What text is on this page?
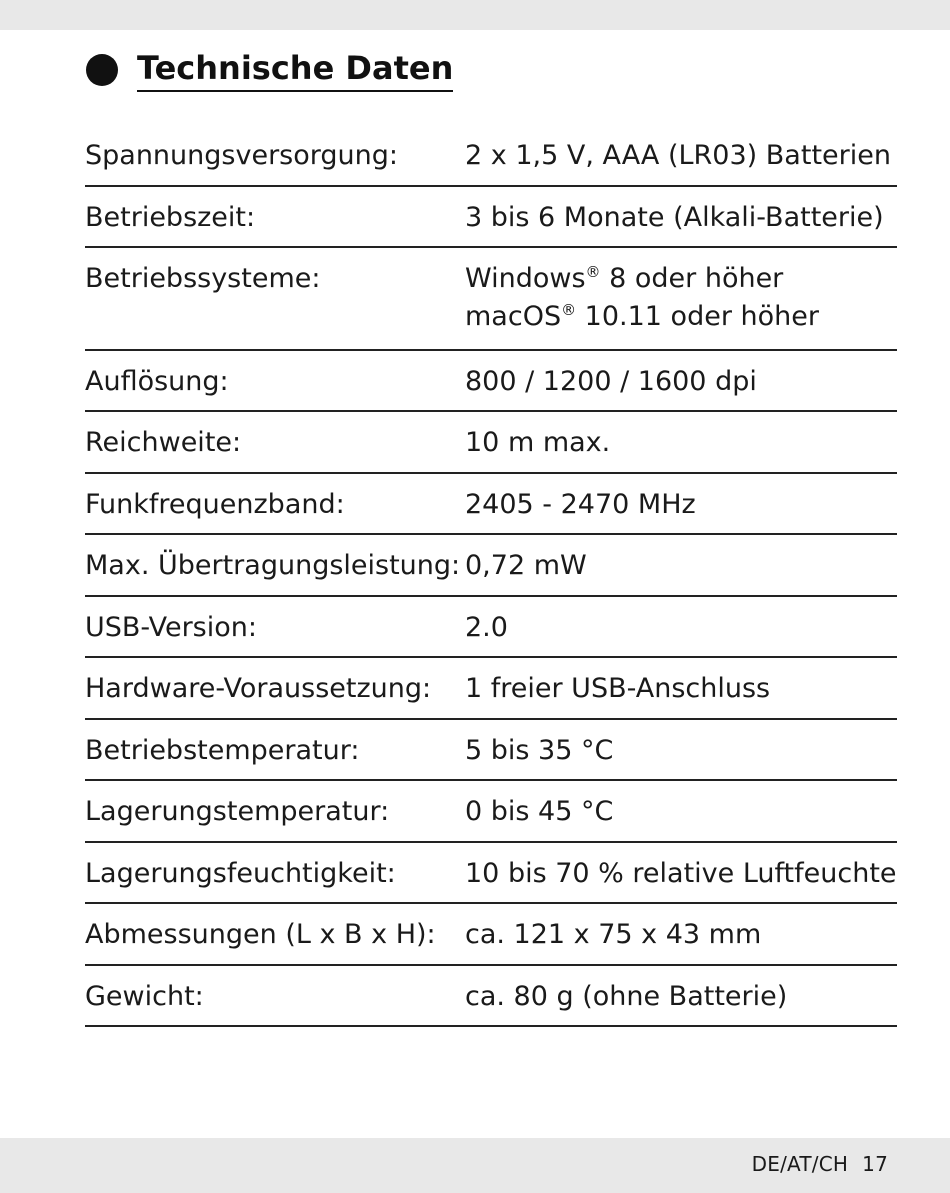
Technische Daten
Spannungsversorgung:	2 x 1,5 V, AAA (LR03) Batterien
Betriebszeit:	3 bis 6 Monate (Alkali-Batterie)
Betriebssysteme:	Windows® 8 oder höher
macOS® 10.11 oder höher
Auflösung:	800 / 1200 / 1600 dpi
Reichweite:	10 m max.
Funkfrequenzband:	2405 - 2470 MHz
Max. Übertragungsleistung: 0,72 mW
USB-Version:	2.0
Hardware-Voraussetzung:	1 freier USB-Anschluss
Betriebstemperatur:	5 bis 35 °C
Lagerungstemperatur:	0 bis 45 °C
Lagerungsfeuchtigkeit:	10 bis 70 % relative Luftfeuchte
Abmessungen (L x B x H):	ca. 121 x 75 x 43 mm
Gewicht:	ca. 80 g (ohne Batterie)
DE/AT/CH 17
